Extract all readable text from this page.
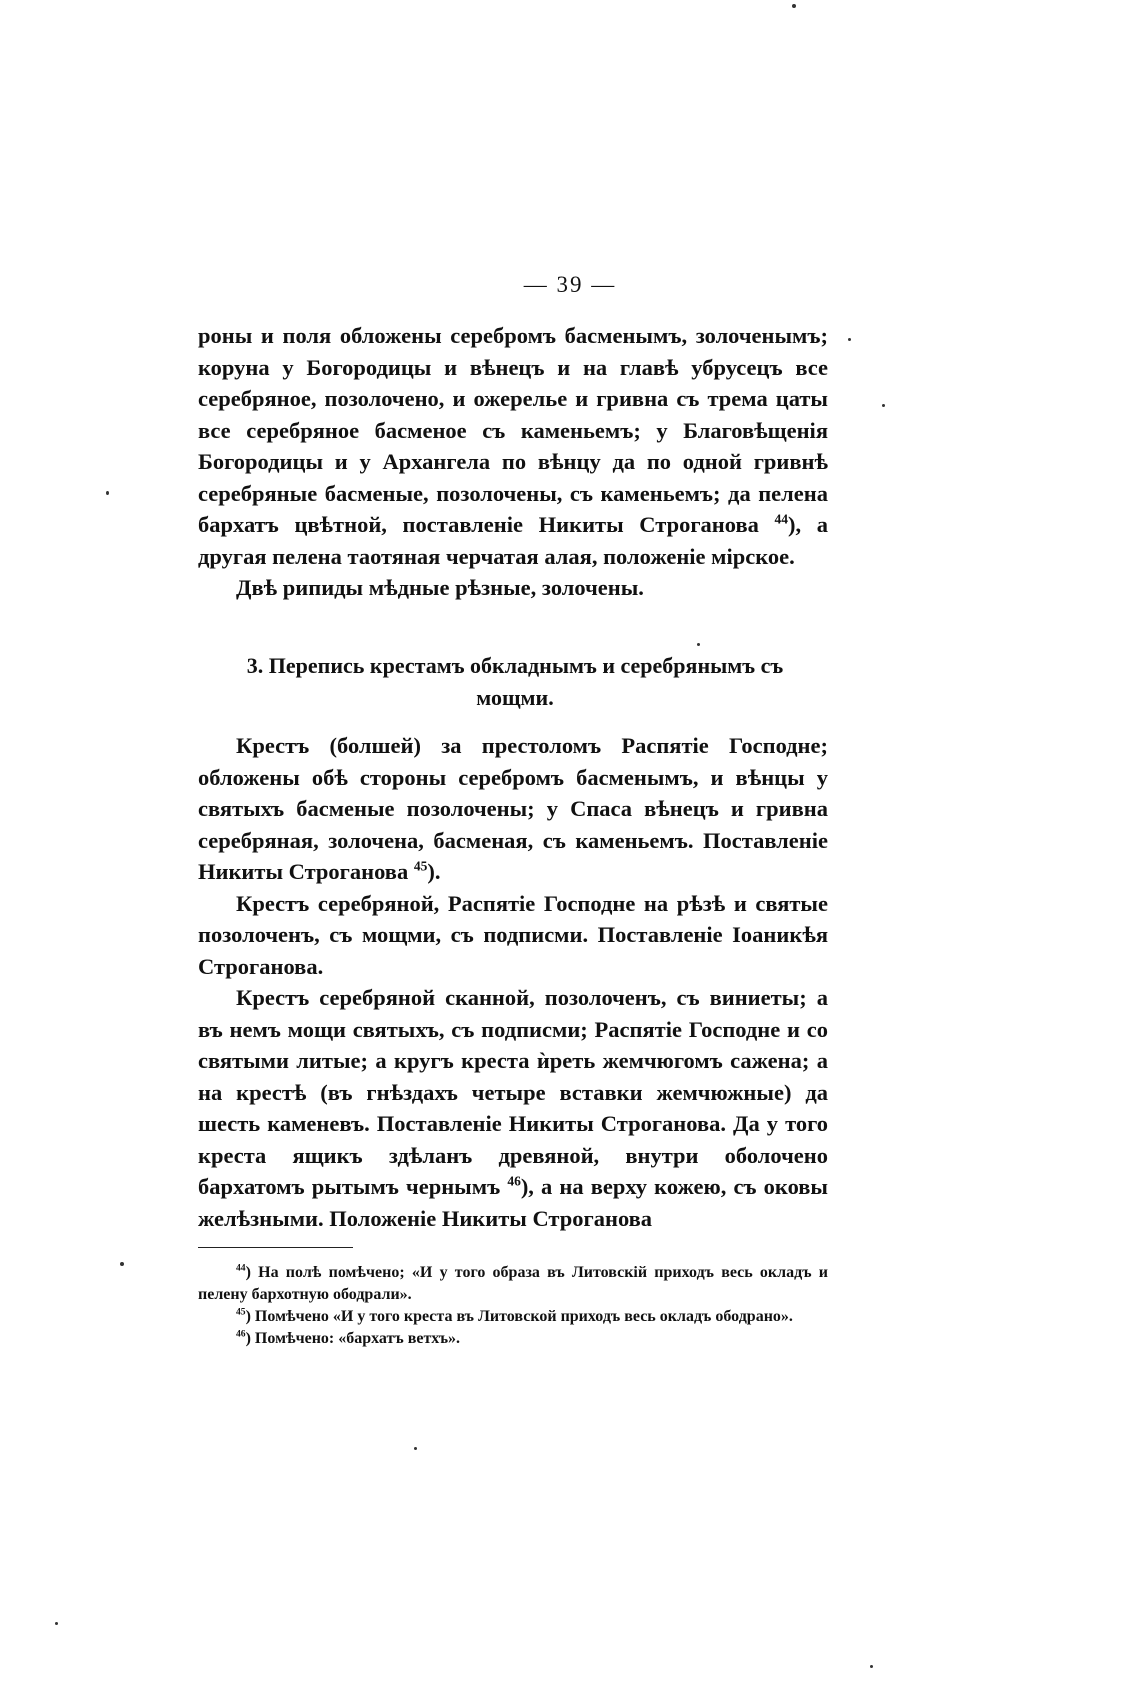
— 39 —

роны и поля обложены серебромъ басменымъ, золоченымъ; коруна у Богородицы и вѣнецъ и на главѣ убрусецъ все серебряное, позолочено, и ожерелье и гривна съ трема цаты все серебряное басменое съ каменьемъ; у Благовѣщенія Богородицы и у Архангела по вѣнцу да по одной гривнѣ серебряные басменые, позолочены, съ каменьемъ; да пелена бархатъ цвѣтной, поставленіе Никиты Строганова $^{44}$), а другая пелена таотяная черчатая алая, положеніе мірское.

Двѣ рипиды мѣдные рѣзные, золочены.

3. Перепись крестамъ обкладнымъ и серебрянымъ съ мощми.

Крестъ (болшей) за престоломъ Распятіе Господне; обложены обѣ стороны серебромъ басменымъ, и вѣнцы у святыхъ басменые позолочены; у Спаса вѣнецъ и гривна серебряная, золочена, басменая, съ каменьемъ. Поставленіе Никиты Строганова $^{45}$).

Крестъ серебряной, Распятіе Господне на рѣзѣ и святые позолоченъ, съ мощми, съ подписми. Поставленіе Іоаникѣя Строганова.

Крестъ серебряной сканной, позолоченъ, съ виниеты; а въ немъ мощи святыхъ, съ подписми; Распятіе Господне и со святыми литые; а кругъ креста ѝреть жемчюгомъ сажена; а на крестѣ (въ гнѣздахъ четыре вставки жемчюжные) да шесть каменевъ. Поставленіе Никиты Строганова. Да у того креста ящикъ здѣланъ древяной, внутри оболочено бархатомъ рытымъ чернымъ $^{46}$), а на верху кожею, съ оковы желѣзными. Положеніе Никиты Строганова

$^{44}$) На полѣ помѣчено; «И у того образа въ Литовскій приходъ весь окладъ и пелену бархотную ободрали».

$^{45}$) Помѣчено «И у того креста въ Литовской приходъ весь окладъ ободрано».

$^{46}$) Помѣчено: «бархатъ ветхъ».
